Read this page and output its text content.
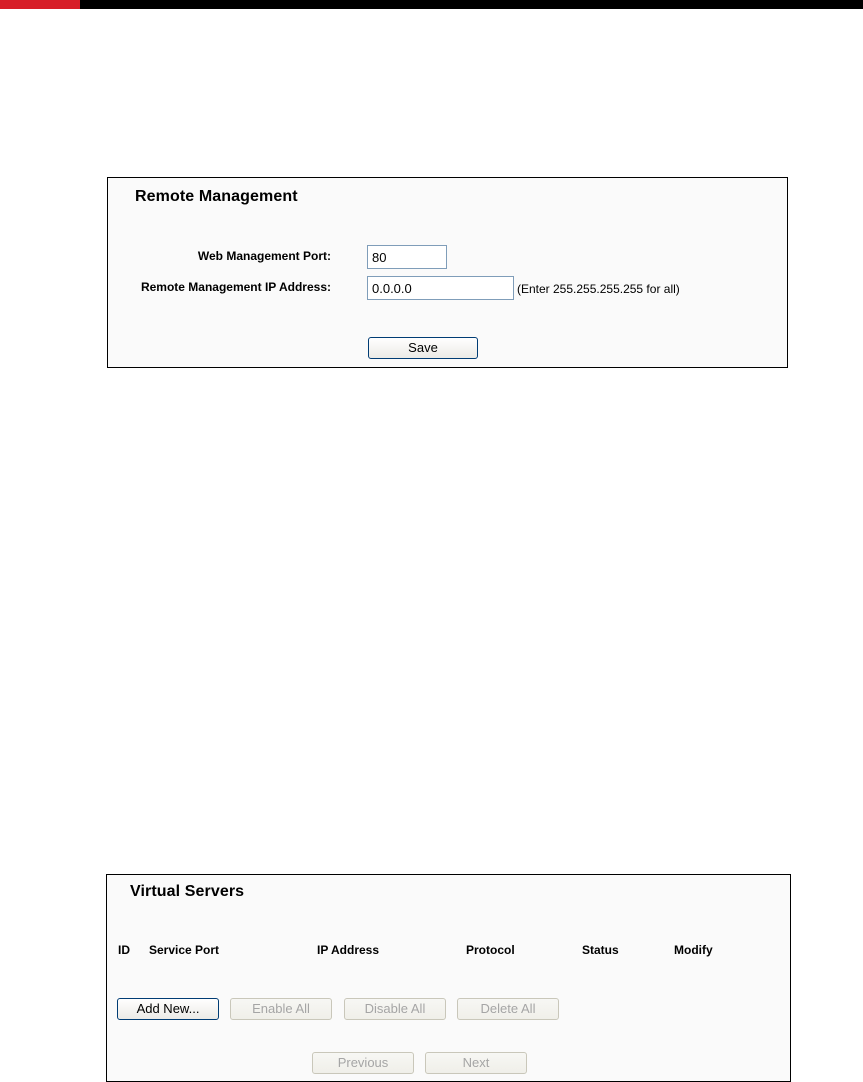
Remote Management
Web Management Port:
80
Remote Management IP Address:
0.0.0.0	(Enter 255.255.255.255 for all)
Save
Virtual Servers
ID Service Port	IP Address	Protocol	Status	Modify
Add New...	Enable All	Disable All	Delete All
Previous	Next
